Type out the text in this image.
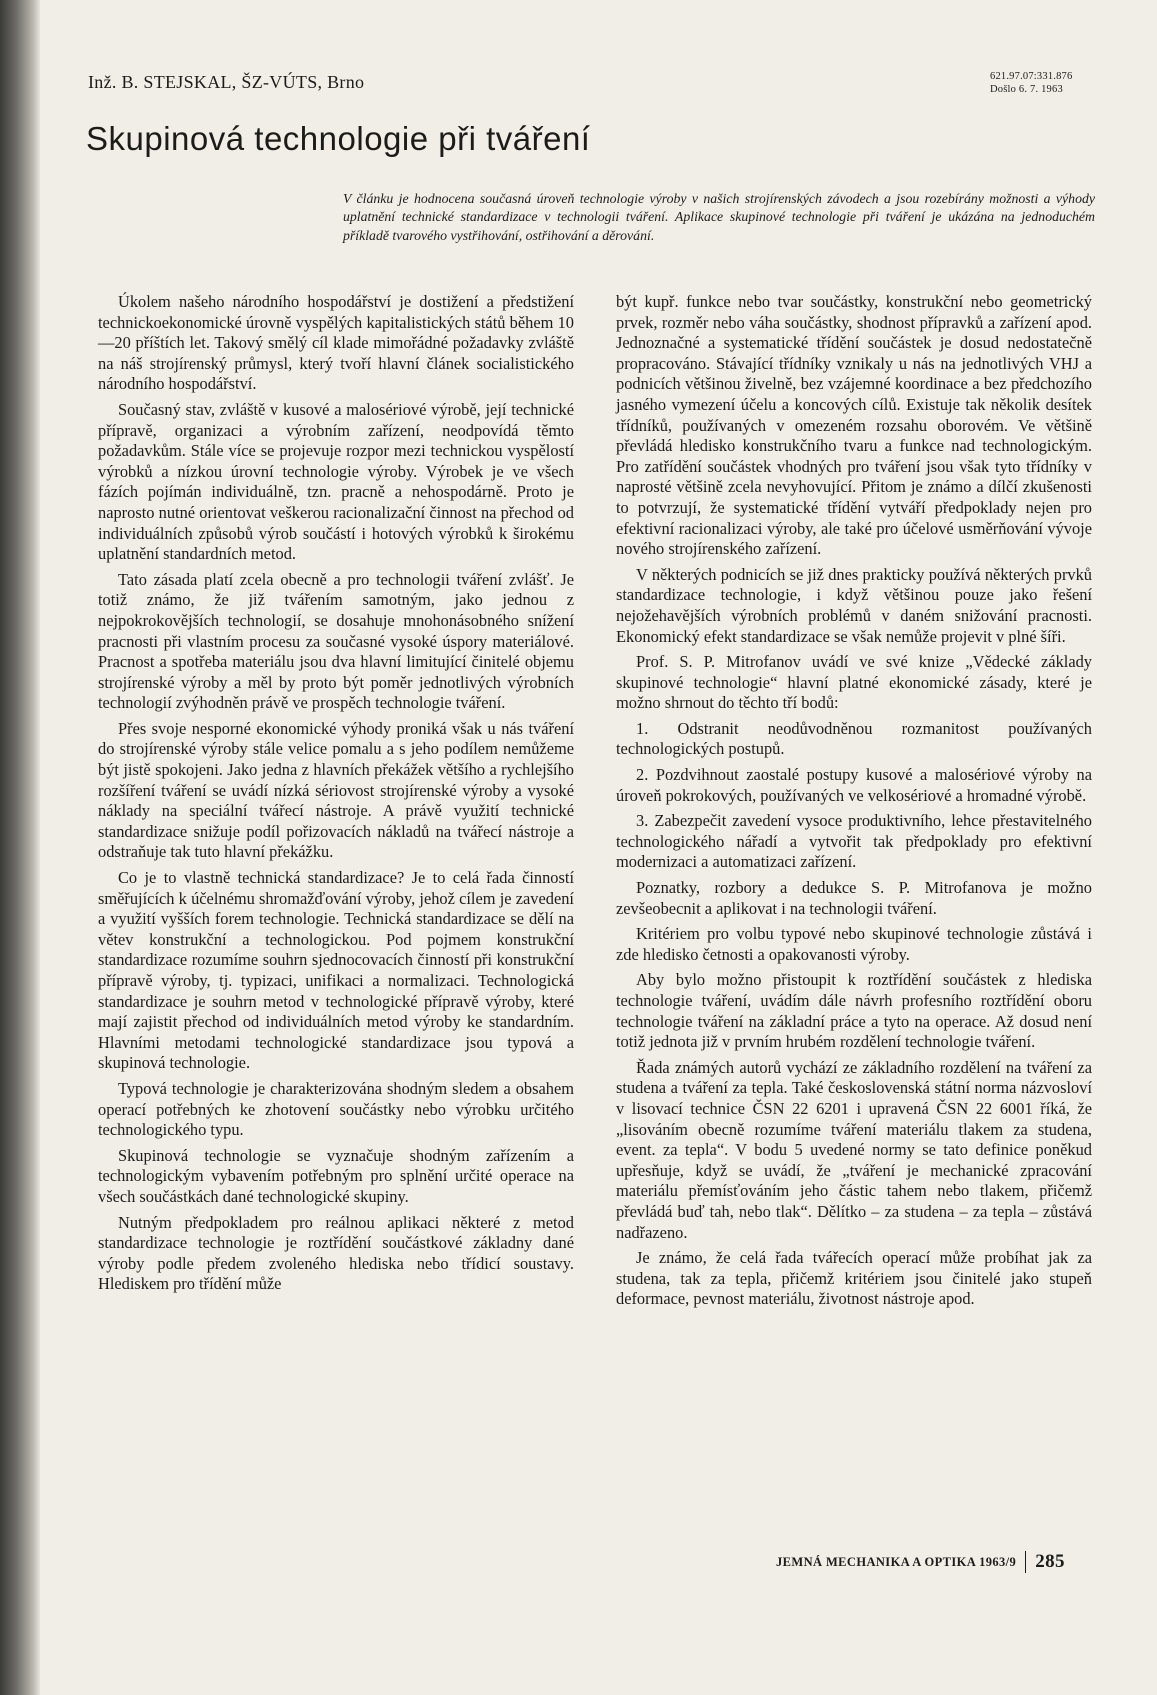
Inž. B. STEJSKAL, ŠZ-VÚTS, Brno	621.97.07:331.876
Došlo 6. 7. 1963
Skupinová technologie při tváření

V článku je hodnocena současná úroveň technologie výroby v našich strojírenských závodech a jsou rozebírány možnosti a výhody uplatnění technické standardizace v technologii tváření. Aplikace skupinové technologie při tváření je ukázána na jednoduchém příkladě tvarového vystřihování, ostřihování a děrování.

Úkolem našeho národního hospodářství je dostižení a předstižení technickoekonomické úrovně vyspělých kapitalistických států během 10—20 příštích let. Takový smělý cíl klade mimořádné požadavky zvláště na náš strojírenský průmysl, který tvoří hlavní článek socialistického národního hospodářství.

Současný stav, zvláště v kusové a malosériové výrobě, její technické přípravě, organizaci a výrobním zařízení, neodpovídá těmto požadavkům. Stále více se projevuje rozpor mezi technickou vyspělostí výrobků a nízkou úrovní technologie výroby. Výrobek je ve všech fázích pojímán individuálně, tzn. pracně a nehospodárně. Proto je naprosto nutné orientovat veškerou racionalizační činnost na přechod od individuálních způsobů výrob součástí i hotových výrobků k širokému uplatnění standardních metod.

Tato zásada platí zcela obecně a pro technologii tváření zvlášť. Je totiž známo, že již tvářením samotným, jako jednou z nejpokrokovějších technologií, se dosahuje mnohonásobného snížení pracnosti při vlastním procesu za současné vysoké úspory materiálové. Pracnost a spotřeba materiálu jsou dva hlavní limitující činitelé objemu strojírenské výroby a měl by proto být poměr jednotlivých výrobních technologií zvýhodněn právě ve prospěch technologie tváření.

Přes svoje nesporné ekonomické výhody proniká však u nás tváření do strojírenské výroby stále velice pomalu a s jeho podílem nemůžeme být jistě spokojeni. Jako jedna z hlavních překážek většího a rychlejšího rozšíření tváření se uvádí nízká sériovost strojírenské výroby a vysoké náklady na speciální tvářecí nástroje. A právě využití technické standardizace snižuje podíl pořizovacích nákladů na tvářecí nástroje a odstraňuje tak tuto hlavní překážku.

Co je to vlastně technická standardizace? Je to celá řada činností směřujících k účelnému shromažďování výroby, jehož cílem je zavedení a využití vyšších forem technologie. Technická standardizace se dělí na větev konstrukční a technologickou. Pod pojmem konstrukční standardizace rozumíme souhrn sjednocovacích činností při konstrukční přípravě výroby, tj. typizaci, unifikaci a normalizaci. Technologická standardizace je souhrn metod v technologické přípravě výroby, které mají zajistit přechod od individuálních metod výroby ke standardním. Hlavními metodami technologické standardizace jsou typová a skupinová technologie.

Typová technologie je charakterizována shodným sledem a obsahem operací potřebných ke zhotovení součástky nebo výrobku určitého technologického typu.

Skupinová technologie se vyznačuje shodným zařízením a technologickým vybavením potřebným pro splnění určité operace na všech součástkách dané technologické skupiny.

Nutným předpokladem pro reálnou aplikaci některé z metod standardizace technologie je roztřídění součástkové základny dané výroby podle předem zvoleného hlediska nebo třídicí soustavy. Hlediskem pro třídění může

být kupř. funkce nebo tvar součástky, konstrukční nebo geometrický prvek, rozměr nebo váha součástky, shodnost přípravků a zařízení apod. Jednoznačné a systematické třídění součástek je dosud nedostatečně propracováno. Stávající třídníky vznikaly u nás na jednotlivých VHJ a podnicích většinou živelně, bez vzájemné koordinace a bez předchozího jasného vymezení účelu a koncových cílů. Existuje tak několik desítek třídníků, používaných v omezeném rozsahu oborovém. Ve většině převládá hledisko konstrukčního tvaru a funkce nad technologickým. Pro zatřídění součástek vhodných pro tváření jsou však tyto třídníky v naprosté většině zcela nevyhovující. Přitom je známo a dílčí zkušenosti to potvrzují, že systematické třídění vytváří předpoklady nejen pro efektivní racionalizaci výroby, ale také pro účelové usměrňování vývoje nového strojírenského zařízení.

V některých podnicích se již dnes prakticky používá některých prvků standardizace technologie, i když většinou pouze jako řešení nejožehavějších výrobních problémů v daném snižování pracnosti. Ekonomický efekt standardizace se však nemůže projevit v plné šíři.

Prof. S. P. Mitrofanov uvádí ve své knize „Vědecké základy skupinové technologie“ hlavní platné ekonomické zásady, které je možno shrnout do těchto tří bodů:

1. Odstranit neodůvodněnou rozmanitost používaných technologických postupů.

2. Pozdvihnout zaostalé postupy kusové a malosériové výroby na úroveň pokrokových, používaných ve velkosériové a hromadné výrobě.

3. Zabezpečit zavedení vysoce produktivního, lehce přestavitelného technologického nářadí a vytvořit tak předpoklady pro efektivní modernizaci a automatizaci zařízení.

Poznatky, rozbory a dedukce S. P. Mitrofanova je možno zevšeobecnit a aplikovat i na technologii tváření.

Kritériem pro volbu typové nebo skupinové technologie zůstává i zde hledisko četnosti a opakovanosti výroby.

Aby bylo možno přistoupit k roztřídění součástek z hlediska technologie tváření, uvádím dále návrh profesního roztřídění oboru technologie tváření na základní práce a tyto na operace. Až dosud není totiž jednota již v prvním hrubém rozdělení technologie tváření.

Řada známých autorů vychází ze základního rozdělení na tváření za studena a tváření za tepla. Také československá státní norma názvosloví v lisovací technice ČSN 22 6201 i upravená ČSN 22 6001 říká, že „lisováním obecně rozumíme tváření materiálu tlakem za studena, event. za tepla“. V bodu 5 uvedené normy se tato definice poněkud upřesňuje, když se uvádí, že „tváření je mechanické zpracování materiálu přemísťováním jeho částic tahem nebo tlakem, přičemž převládá buď tah, nebo tlak“. Dělítko – za studena – za tepla – zůstává nadřazeno.

Je známo, že celá řada tvářecích operací může probíhat jak za studena, tak za tepla, přičemž kritériem jsou činitelé jako stupeň deformace, pevnost materiálu, životnost nástroje apod.

JEMNÁ MECHANIKA A OPTIKA 1963/9 285
